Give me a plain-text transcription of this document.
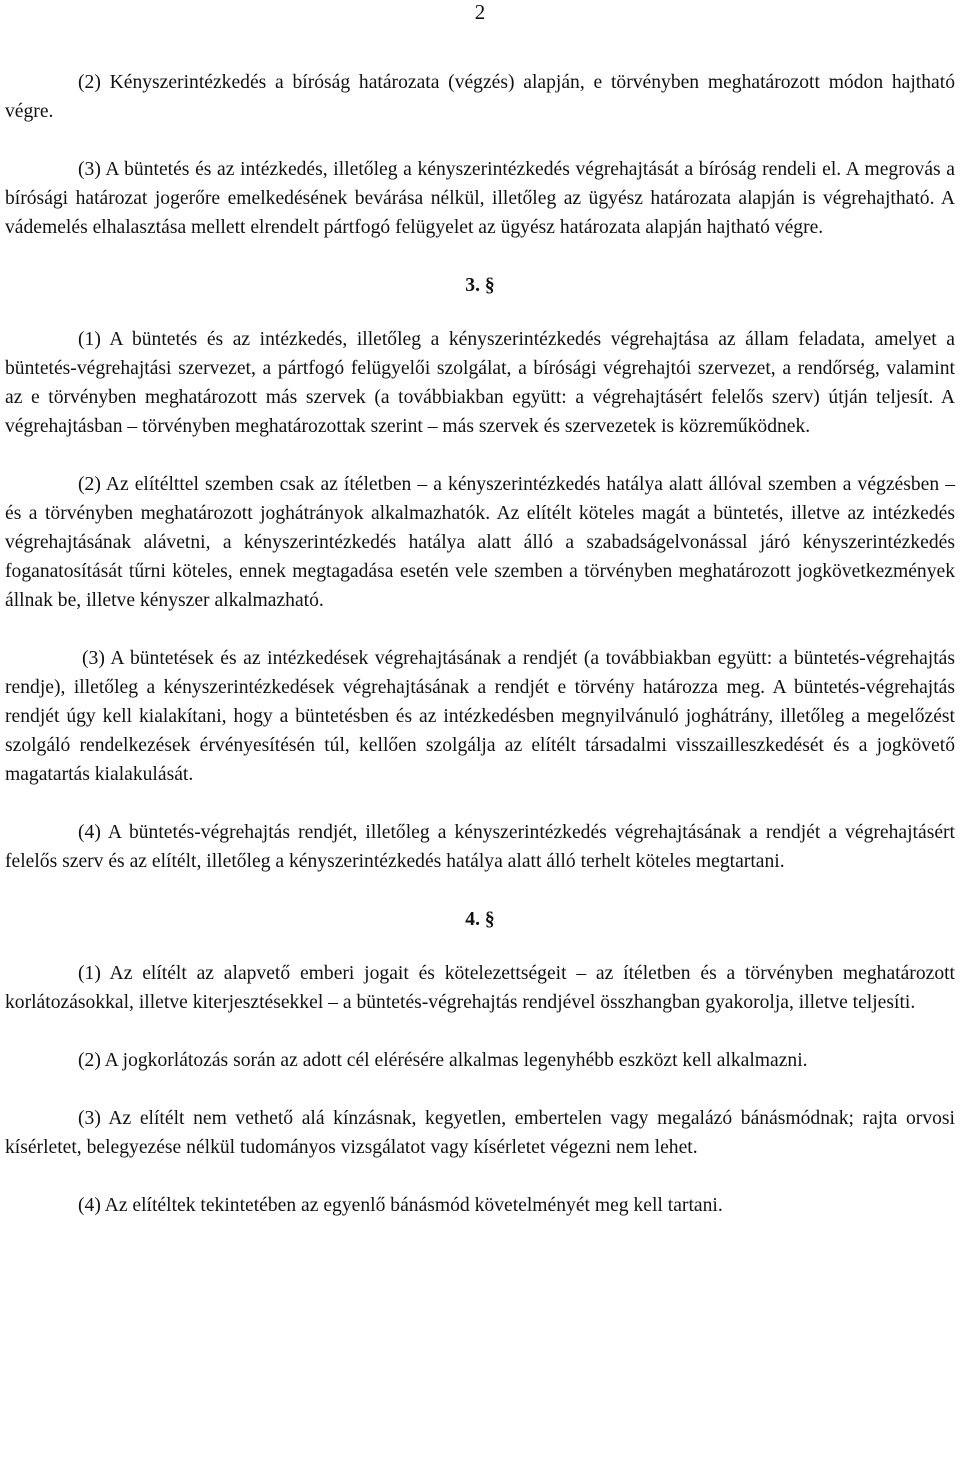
2

(2) Kényszerintézkedés a bíróság határozata (végzés) alapján, e törvényben meghatározott módon hajtható végre.

(3) A büntetés és az intézkedés, illetőleg a kényszerintézkedés végrehajtását a bíróság rendeli el. A megrovás a bírósági határozat jogerőre emelkedésének bevárása nélkül, illetőleg az ügyész határozata alapján is végrehajtható. A vádemelés elhalasztása mellett elrendelt pártfogó felügyelet az ügyész határozata alapján hajtható végre.

3. §

(1) A büntetés és az intézkedés, illetőleg a kényszerintézkedés végrehajtása az állam feladata, amelyet a büntetés-végrehajtási szervezet, a pártfogó felügyelői szolgálat, a bírósági végrehajtói szervezet, a rendőrség, valamint az e törvényben meghatározott más szervek (a továbbiakban együtt: a végrehajtásért felelős szerv) útján teljesít. A végrehajtásban – törvényben meghatározottak szerint – más szervek és szervezetek is közreműködnek.

(2) Az elítélttel szemben csak az ítéletben – a kényszerintézkedés hatálya alatt állóval szemben a végzésben – és a törvényben meghatározott joghátrányok alkalmazhatók. Az elítélt köteles magát a büntetés, illetve az intézkedés végrehajtásának alávetni, a kényszerintézkedés hatálya alatt álló a szabadságelvonással járó kényszerintézkedés foganatosítását tűrni köteles, ennek megtagadása esetén vele szemben a törvényben meghatározott jogkövetkezmények állnak be, illetve kényszer alkalmazható.

(3) A büntetések és az intézkedések végrehajtásának a rendjét (a továbbiakban együtt: a büntetés-végrehajtás rendje), illetőleg a kényszerintézkedések végrehajtásának a rendjét e törvény határozza meg. A büntetés-végrehajtás rendjét úgy kell kialakítani, hogy a büntetésben és az intézkedésben megnyilvánuló joghátrány, illetőleg a megelőzést szolgáló rendelkezések érvényesítésén túl, kellően szolgálja az elítélt társadalmi visszailleszkedését és a jogkövető magatartás kialakulását.

(4) A büntetés-végrehajtás rendjét, illetőleg a kényszerintézkedés végrehajtásának a rendjét a végrehajtásért felelős szerv és az elítélt, illetőleg a kényszerintézkedés hatálya alatt álló terhelt köteles megtartani.

4. §

(1) Az elítélt az alapvető emberi jogait és kötelezettségeit – az ítéletben és a törvényben meghatározott korlátozásokkal, illetve kiterjesztésekkel – a büntetés-végrehajtás rendjével összhangban gyakorolja, illetve teljesíti.

(2) A jogkorlátozás során az adott cél elérésére alkalmas legenyhébb eszközt kell alkalmazni.

(3) Az elítélt nem vethető alá kínzásnak, kegyetlen, embertelen vagy megalázó bánásmódnak; rajta orvosi kísérletet, belegyezése nélkül tudományos vizsgálatot vagy kísérletet végezni nem lehet.

(4) Az elítéltek tekintetében az egyenlő bánásmód követelményét meg kell tartani.
